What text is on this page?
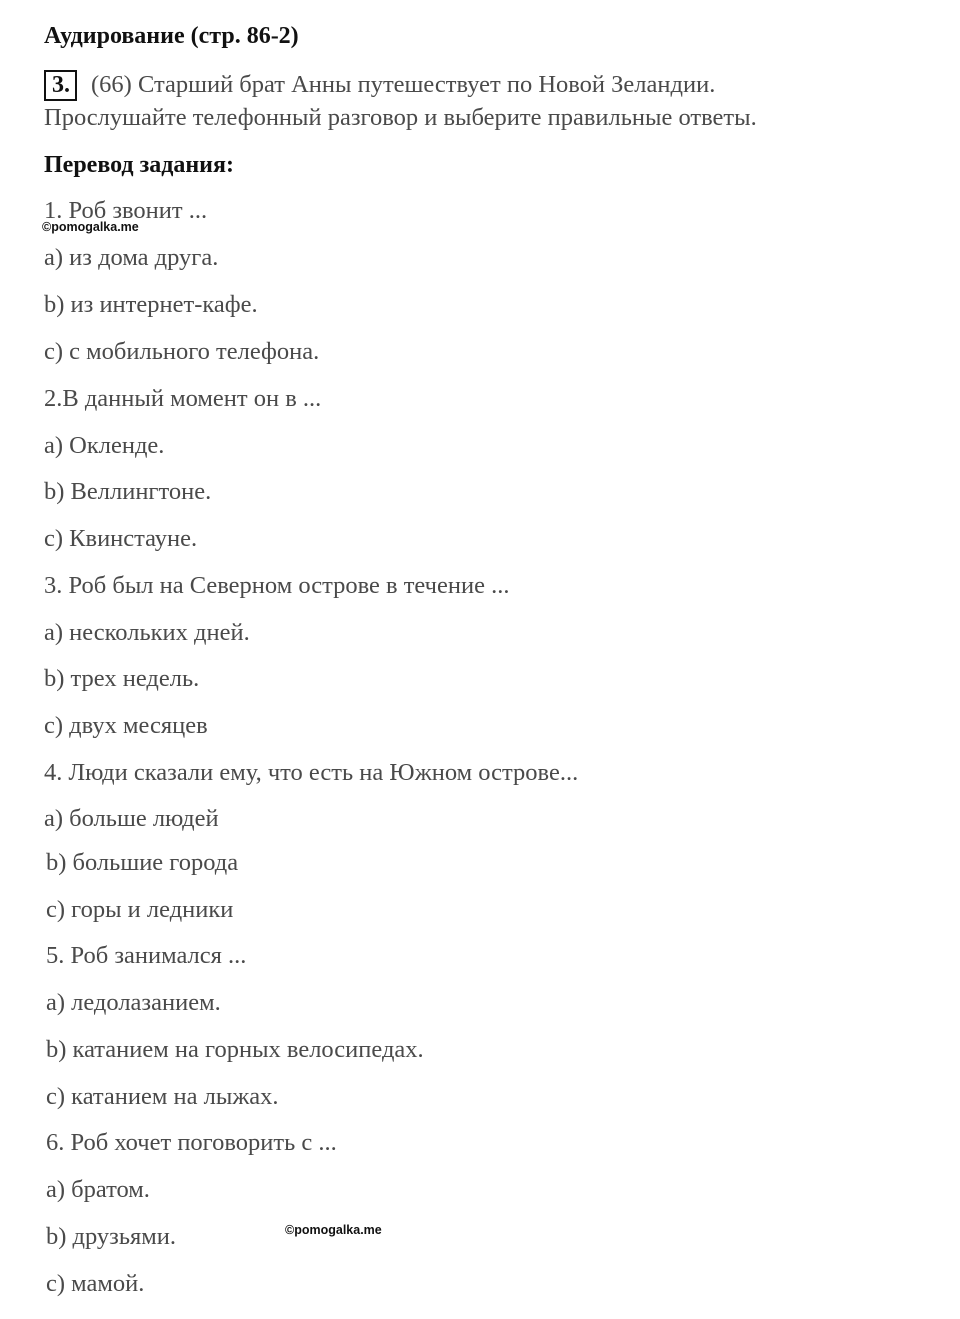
Аудирование (стр. 86-2)
3. (66) Старший брат Анны путешествует по Новой Зеландии.
Прослушайте телефонный разговор и выберите правильные ответы.
Перевод задания:
1. Роб звонит ...
©pomogalka.me
a) из дома друга.
b) из интернет-кафе.
c) с мобильного телефона.
2.В данный момент он в ...
a) Окленде.
b) Веллингтоне.
c) Квинстауне.
3. Роб был на Северном острове в течение ...
a) нескольких дней.
b) трех недель.
c) двух месяцев
4. Люди сказали ему, что есть на Южном острове...
a) больше людей
b) большие города
c) горы и ледники
5. Роб занимался ...
a) ледолазанием.
b) катанием на горных велосипедах.
c) катанием на лыжах.
6. Роб хочет поговорить с ...
a) братом.
b) друзьями.	©pomogalka.me
c) мамой.
